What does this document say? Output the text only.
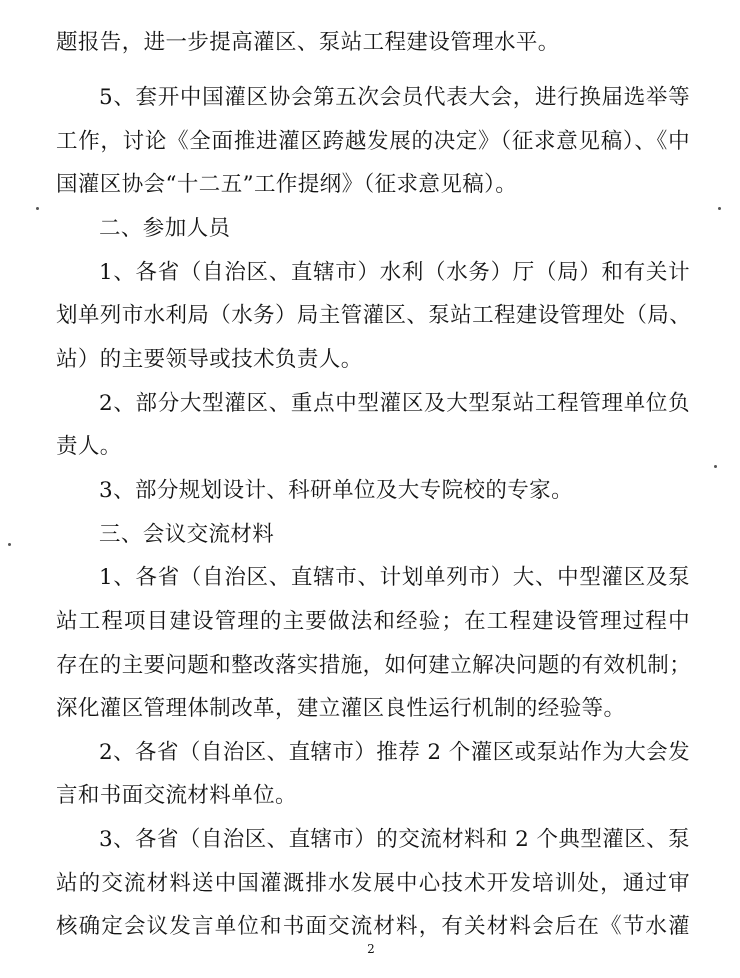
题报告，进一步提高灌区、泵站工程建设管理水平。
5、套开中国灌区协会第五次会员代表大会，进行换届选举等
工作，讨论《全面推进灌区跨越发展的决定》（征求意见稿）、《中
国灌区协会“十二五”工作提纲》（征求意见稿）。
二、参加人员
1、各省（自治区、直辖市）水利（水务）厅（局）和有关计
划单列市水利局（水务）局主管灌区、泵站工程建设管理处（局、
站）的主要领导或技术负责人。
2、部分大型灌区、重点中型灌区及大型泵站工程管理单位负
责人。
3、部分规划设计、科研单位及大专院校的专家。
三、会议交流材料
1、各省（自治区、直辖市、计划单列市）大、中型灌区及泵
站工程项目建设管理的主要做法和经验；在工程建设管理过程中
存在的主要问题和整改落实措施，如何建立解决问题的有效机制；
深化灌区管理体制改革，建立灌区良性运行机制的经验等。
2、各省（自治区、直辖市）推荐 2 个灌区或泵站作为大会发
言和书面交流材料单位。
3、各省（自治区、直辖市）的交流材料和 2 个典型灌区、泵
站的交流材料送中国灌溉排水发展中心技术开发培训处，通过审
核确定会议发言单位和书面交流材料，有关材料会后在《节水灌
2
